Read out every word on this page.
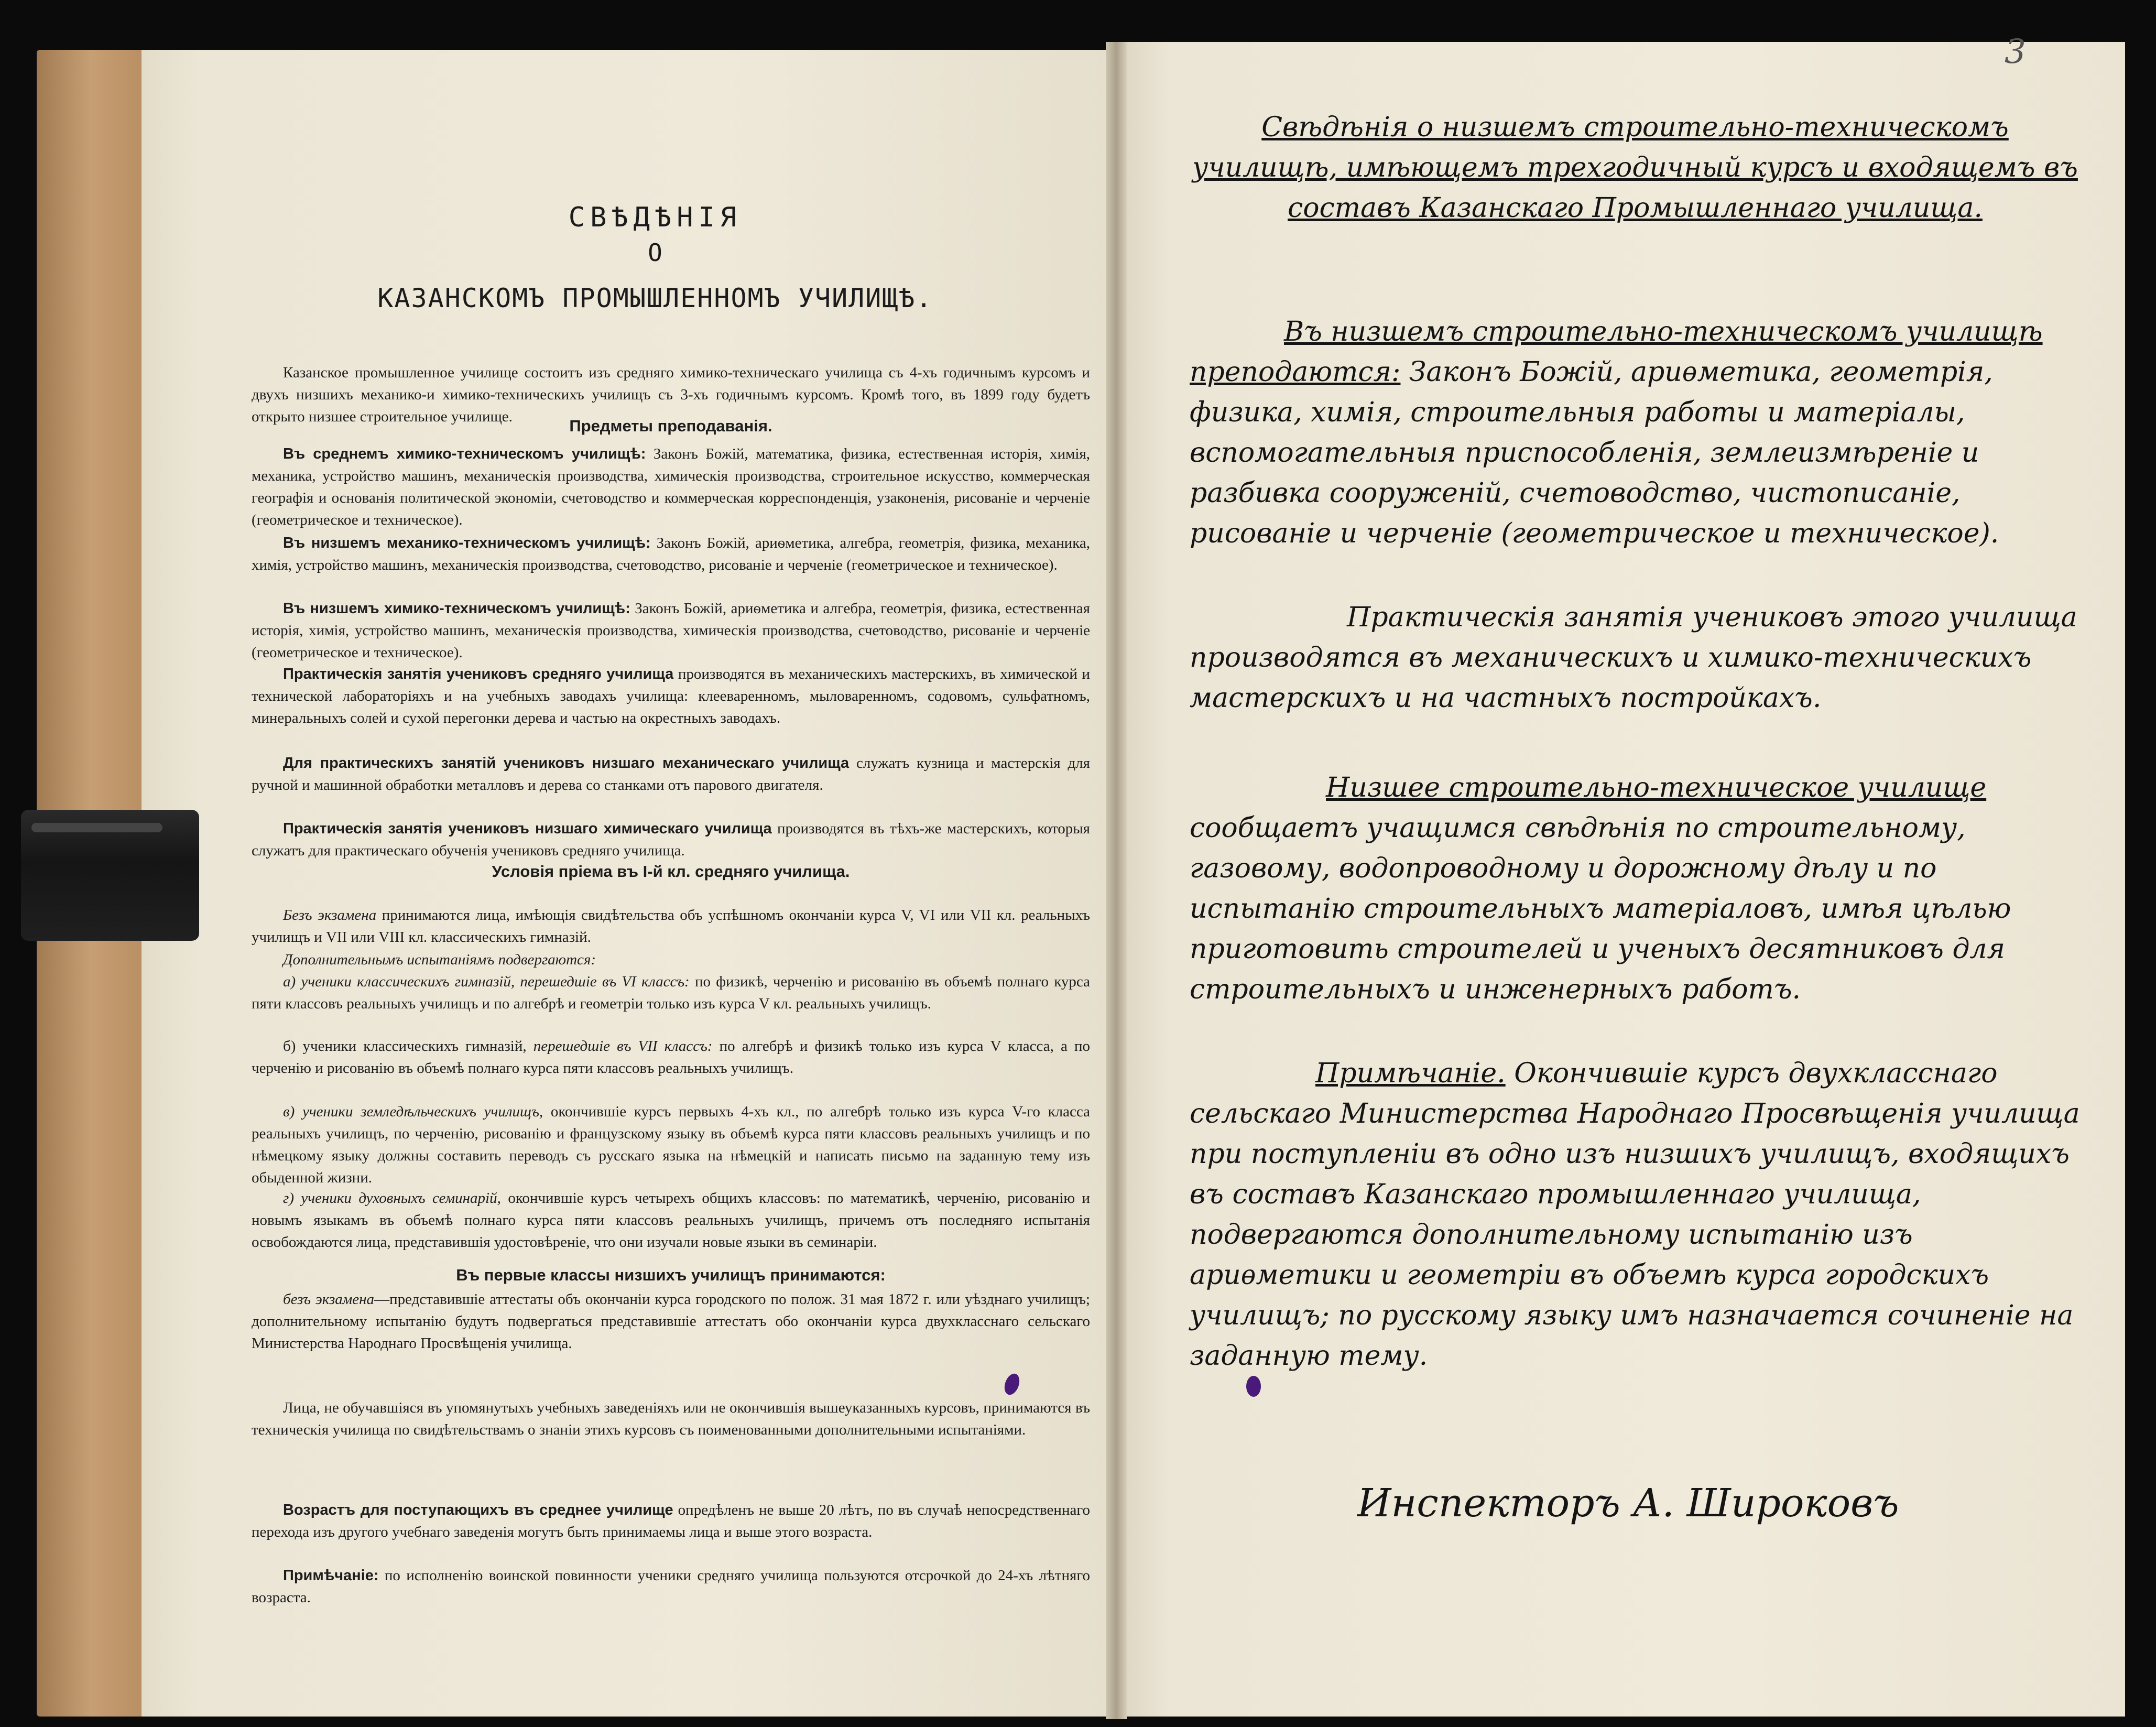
СВѢДѢНІЯ
О
КАЗАНСКОМЪ ПРОМЫШЛЕННОМЪ УЧИЛИЩѢ.
Казанское промышленное училище состоитъ изъ средняго химико-техническаго училища съ 4-хъ годичнымъ курсомъ и двухъ низшихъ механико-и химико-техническихъ училищъ съ 3-хъ годичнымъ курсомъ. Кромѣ того, въ 1899 году будетъ открыто низшее строительное училище.	Предметы преподаванія.
Въ среднемъ химико-техническомъ училищѣ: Законъ Божій, математика, физика, естественная исторія, химія, механика, устройство машинъ, механическія производства, химическія производства, строительное искусство, коммерческая географія и основанія политической экономіи, счетоводство и коммерческая корреспонденція, узаконенія, рисованіе и черченіе (геометрическое и техническое).
Въ низшемъ механико-техническомъ училищѣ: Законъ Божій, ариѳметика, алгебра, геометрія, физика, механика, химія, устройство машинъ, механическія производства, счетоводство, рисованіе и черченіе (геометрическое и техническое).
Въ низшемъ химико-техническомъ училищѣ: Законъ Божій, ариѳметика и алгебра, геометрія, физика, естественная исторія, химія, устройство машинъ, механическія производства, химическія производства, счетоводство, рисованіе и черченіе (геометрическое и техническое).
Практическія занятія учениковъ средняго училища производятся въ механическихъ мастерскихъ, въ химической и технической лабораторіяхъ и на учебныхъ заводахъ училища: клееваренномъ, мыловаренномъ, содовомъ, сульфатномъ, минеральныхъ солей и сухой перегонки дерева и частью на окрестныхъ заводахъ.
Для практическихъ занятій учениковъ низшаго механическаго училища служатъ кузница и мастерскія для ручной и машинной обработки металловъ и дерева со станками отъ парового двигателя.
Практическія занятія учениковъ низшаго химическаго училища производятся въ тѣхъ-же мастерскихъ, которыя служатъ для практическаго обученія учениковъ средняго училища.
Условія пріема въ I-й кл. средняго училища.
Безъ экзамена принимаются лица, имѣющія свидѣтельства объ успѣшномъ окончаніи курса V, VI или VII кл. реальныхъ училищъ и VII или VIII кл. классическихъ гимназій.
Дополнительнымъ испытаніямъ подвергаются:
а) ученики классическихъ гимназій, перешедшіе въ VI классъ: по физикѣ, черченію и рисованію въ объемѣ полнаго курса пяти классовъ реальныхъ училищъ и по алгебрѣ и геометріи только изъ курса V кл. реальныхъ училищъ.
б) ученики классическихъ гимназій, перешедшіе въ VII классъ: по алгебрѣ и физикѣ только изъ курса V класса, а по черченію и рисованію въ объемѣ полнаго курса пяти классовъ реальныхъ училищъ.
в) ученики земледѣльческихъ училищъ, окончившіе курсъ первыхъ 4-хъ кл., по алгебрѣ только изъ курса V-го класса реальныхъ училищъ, по черченію, рисованію и французскому языку въ объемѣ курса пяти классовъ реальныхъ училищъ и по нѣмецкому языку должны составить переводъ съ русскаго языка на нѣмецкій и написать письмо на заданную тему изъ обыденной жизни.
г) ученики духовныхъ семинарій, окончившіе курсъ четырехъ общихъ классовъ: по математикѣ, черченію, рисованію и новымъ языкамъ въ объемѣ полнаго курса пяти классовъ реальныхъ училищъ, причемъ отъ последняго испытанія освобождаются лица, представившія удостовѣреніе, что они изучали новые языки въ семинаріи.
Въ первые классы низшихъ училищъ принимаются:
безъ экзамена—представившіе аттестаты объ окончаніи курса городского по полож. 31 мая 1872 г. или уѣзднаго училищъ; дополнительному испытанію будутъ подвергаться представившіе аттестатъ обо окончаніи курса двухкласснаго сельскаго Министерства Народнаго Просвѣщенія училища.
Лица, не обучавшіяся въ упомянутыхъ учебныхъ заведеніяхъ или не окончившія вышеуказанныхъ курсовъ, принимаются въ техническія училища по свидѣтельствамъ о знаніи этихъ курсовъ съ поименованными дополнительными испытаніями.
Возрастъ для поступающихъ въ среднее училище опредѣленъ не выше 20 лѣтъ, по въ случаѣ непосредственнаго перехода изъ другого учебнаго заведенія могутъ быть принимаемы лица и выше этого возраста.
Примѣчаніе: по исполненію воинской повинности ученики средняго училища пользуются отсрочкой до 24-хъ лѣтняго возраста.
3
Свѣдѣнія о низшемъ строительно-техническомъ училищѣ, имѣющемъ трехгодичный курсъ и входящемъ въ составъ Казанскаго Промышленнаго училища.
Въ низшемъ строительно-техническомъ училищѣ преподаются: Законъ Божій, ариѳметика, геометрія, физика, химія, строительныя работы и матеріалы, вспомогательныя приспособленія, землеизмѣреніе и разбивка сооруженій, счетоводство, чистописаніе, рисованіе и черченіе (геометрическое и техническое).
Практическія занятія учениковъ этого училища производятся въ механическихъ и химико-техническихъ мастерскихъ и на частныхъ постройкахъ.
Низшее строительно-техническое училище сообщаетъ учащимся свѣдѣнія по строительному, газовому, водопроводному и дорожному дѣлу и по испытанію строительныхъ матеріаловъ, имѣя цѣлью приготовить строителей и ученыхъ десятниковъ для строительныхъ и инженерныхъ работъ.
Примѣчаніе. Окончившіе курсъ двухкласснаго сельскаго Министерства Народнаго Просвѣщенія училища при поступленіи въ одно изъ низшихъ училищъ, входящихъ въ составъ Казанскаго промышленнаго училища, подвергаются дополнительному испытанію изъ ариѳметики и геометріи въ объемѣ курса городскихъ училищъ; по русскому языку имъ назначается сочиненіе на заданную тему.
Инспекторъ А. Широковъ
